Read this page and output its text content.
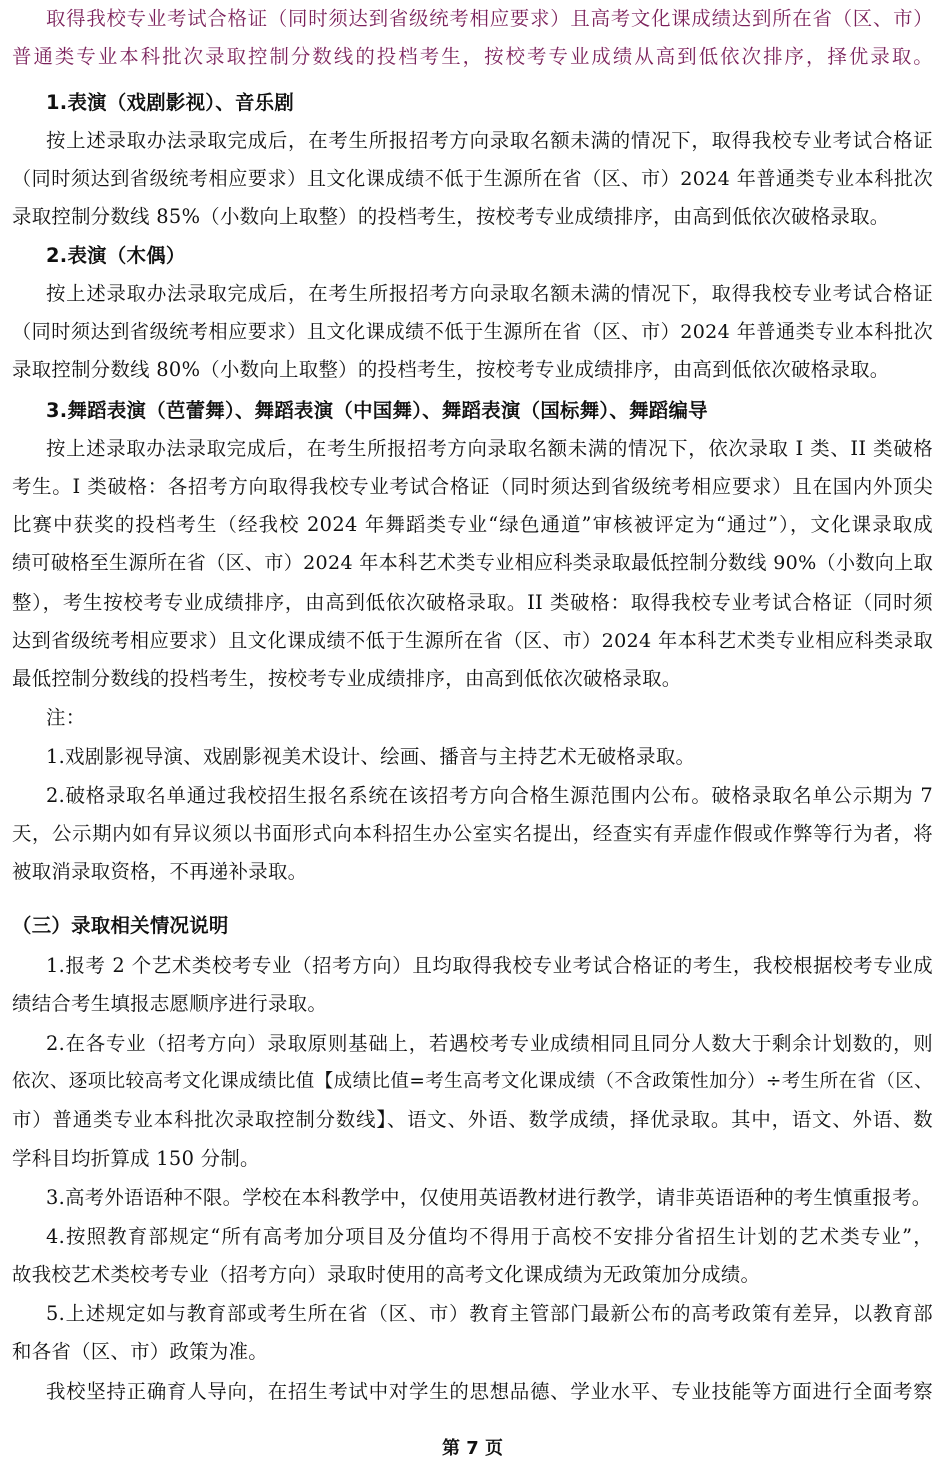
取得我校专业考试合格证（同时须达到省级统考相应要求）且高考文化课成绩达到所在省（区、市）
普通类专业本科批次录取控制分数线的投档考生，按校考专业成绩从高到低依次排序，择优录取。
1.表演（戏剧影视）、音乐剧
按上述录取办法录取完成后，在考生所报招考方向录取名额未满的情况下，取得我校专业考试合格证
（同时须达到省级统考相应要求）且文化课成绩不低于生源所在省（区、市）2024 年普通类专业本科批次
录取控制分数线 85%（小数向上取整）的投档考生，按校考专业成绩排序，由高到低依次破格录取。
2.表演（木偶）
按上述录取办法录取完成后，在考生所报招考方向录取名额未满的情况下，取得我校专业考试合格证
（同时须达到省级统考相应要求）且文化课成绩不低于生源所在省（区、市）2024 年普通类专业本科批次
录取控制分数线 80%（小数向上取整）的投档考生，按校考专业成绩排序，由高到低依次破格录取。
3.舞蹈表演（芭蕾舞）、舞蹈表演（中国舞）、舞蹈表演（国标舞）、舞蹈编导
按上述录取办法录取完成后，在考生所报招考方向录取名额未满的情况下，依次录取 I 类、II 类破格
考生。I 类破格：各招考方向取得我校专业考试合格证（同时须达到省级统考相应要求）且在国内外顶尖
比赛中获奖的投档考生（经我校 2024 年舞蹈类专业“绿色通道”审核被评定为“通过”），文化课录取成
绩可破格至生源所在省（区、市）2024 年本科艺术类专业相应科类录取最低控制分数线 90%（小数向上取
整），考生按校考专业成绩排序，由高到低依次破格录取。II 类破格：取得我校专业考试合格证（同时须
达到省级统考相应要求）且文化课成绩不低于生源所在省（区、市）2024 年本科艺术类专业相应科类录取
最低控制分数线的投档考生，按校考专业成绩排序，由高到低依次破格录取。
注：
1.戏剧影视导演、戏剧影视美术设计、绘画、播音与主持艺术无破格录取。
2.破格录取名单通过我校招生报名系统在该招考方向合格生源范围内公布。破格录取名单公示期为 7
天，公示期内如有异议须以书面形式向本科招生办公室实名提出，经查实有弄虚作假或作弊等行为者，将
被取消录取资格，不再递补录取。
（三）录取相关情况说明
1.报考 2 个艺术类校考专业（招考方向）且均取得我校专业考试合格证的考生，我校根据校考专业成
绩结合考生填报志愿顺序进行录取。
2.在各专业（招考方向）录取原则基础上，若遇校考专业成绩相同且同分人数大于剩余计划数的，则
依次、逐项比较高考文化课成绩比值【成绩比值=考生高考文化课成绩（不含政策性加分）÷考生所在省（区、
市）普通类专业本科批次录取控制分数线】、语文、外语、数学成绩，择优录取。其中，语文、外语、数
学科目均折算成 150 分制。
3.高考外语语种不限。学校在本科教学中，仅使用英语教材进行教学，请非英语语种的考生慎重报考。
4.按照教育部规定“所有高考加分项目及分值均不得用于高校不安排分省招生计划的艺术类专业”，
故我校艺术类校考专业（招考方向）录取时使用的高考文化课成绩为无政策加分成绩。
5.上述规定如与教育部或考生所在省（区、市）教育主管部门最新公布的高考政策有差异，以教育部
和各省（区、市）政策为准。
我校坚持正确育人导向，在招生考试中对学生的思想品德、学业水平、专业技能等方面进行全面考察
第 7 页
